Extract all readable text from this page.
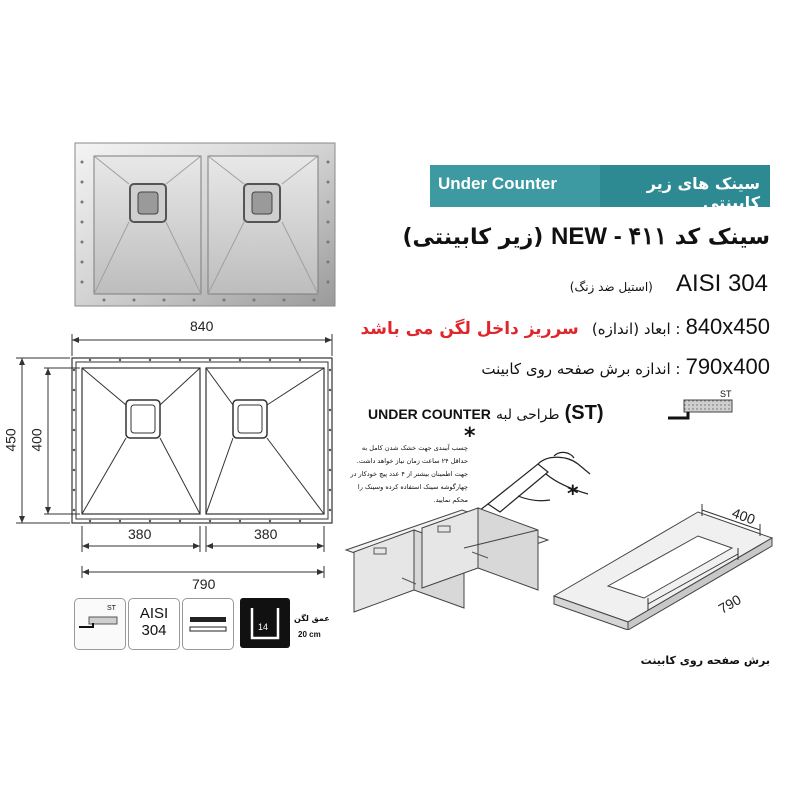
Under Counter	سینک های زیر کابینتی
سینک کد NEW - ۴۱۱ (زیر کابینتی)
(استیل ضد زنگ) AISI 304
سرریز داخل لگن می باشد : ابعاد (اندازه) 840x450
: اندازه برش صفحه روی کابینت 790x400
UNDER COUNTER طراحی لبه (ST)
ST
840
450 400
380	380
790
*
چسب آببندی جهت خشک شدن کامل به حداقل ۲۴ ساعت زمان نیاز خواهد داشت. جهت اطمینان بیشتر از ۴ عدد پیچ خودکار در چهارگوشه سینک استفاده کرده وسینک را محکم نمایید.	*
400
790
برش صفحه روی کابینت
ST	AISI
304	14
عمق لگن
20 cm
